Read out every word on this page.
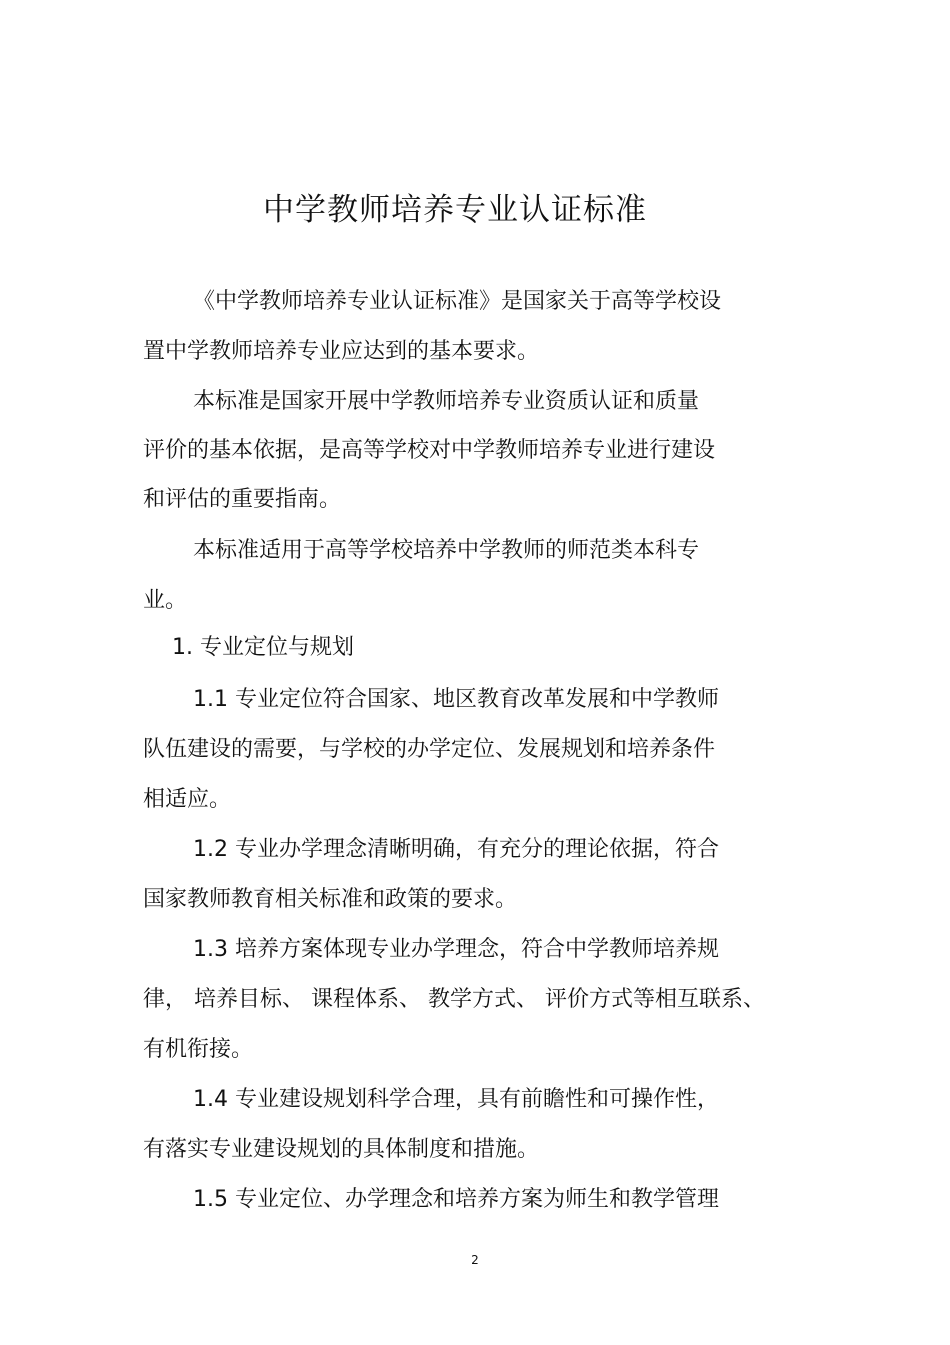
中学教师培养专业认证标准
《中学教师培养专业认证标准》是国家关于高等学校设
置中学教师培养专业应达到的基本要求。
本标准是国家开展中学教师培养专业资质认证和质量
评价的基本依据，是高等学校对中学教师培养专业进行建设
和评估的重要指南。
本标准适用于高等学校培养中学教师的师范类本科专
业。
1. 专业定位与规划
1.1 专业定位符合国家、地区教育改革发展和中学教师
队伍建设的需要，与学校的办学定位、发展规划和培养条件
相适应。
1.2 专业办学理念清晰明确，有充分的理论依据，符合
国家教师教育相关标准和政策的要求。
1.3 培养方案体现专业办学理念，符合中学教师培养规
律， 培养目标、 课程体系、 教学方式、 评价方式等相互联系、
有机衔接。
1.4 专业建设规划科学合理，具有前瞻性和可操作性，
有落实专业建设规划的具体制度和措施。
1.5 专业定位、办学理念和培养方案为师生和教学管理
2
